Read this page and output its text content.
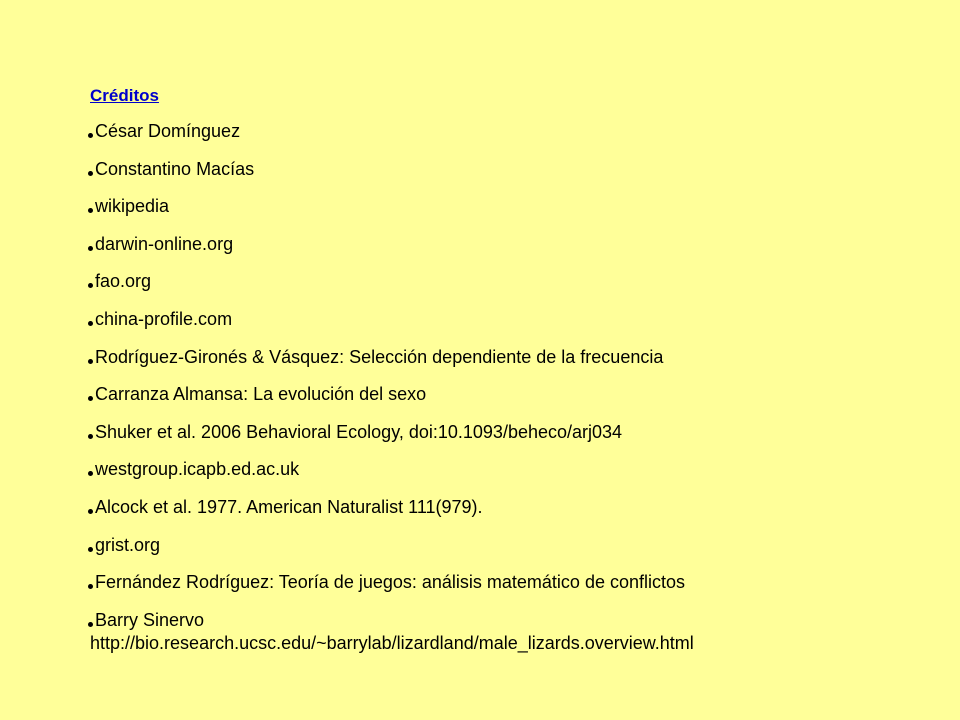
Créditos
César Domínguez
Constantino Macías
wikipedia
darwin-online.org
fao.org
china-profile.com
Rodríguez-Gironés & Vásquez: Selección dependiente de la frecuencia
Carranza Almansa: La evolución del sexo
Shuker et al. 2006 Behavioral Ecology, doi:10.1093/beheco/arj034
westgroup.icapb.ed.ac.uk
Alcock et al. 1977. American Naturalist 111(979).
grist.org
Fernández Rodríguez: Teoría de juegos: análisis matemático de conflictos
Barry Sinervo
http://bio.research.ucsc.edu/~barrylab/lizardland/male_lizards.overview.html
